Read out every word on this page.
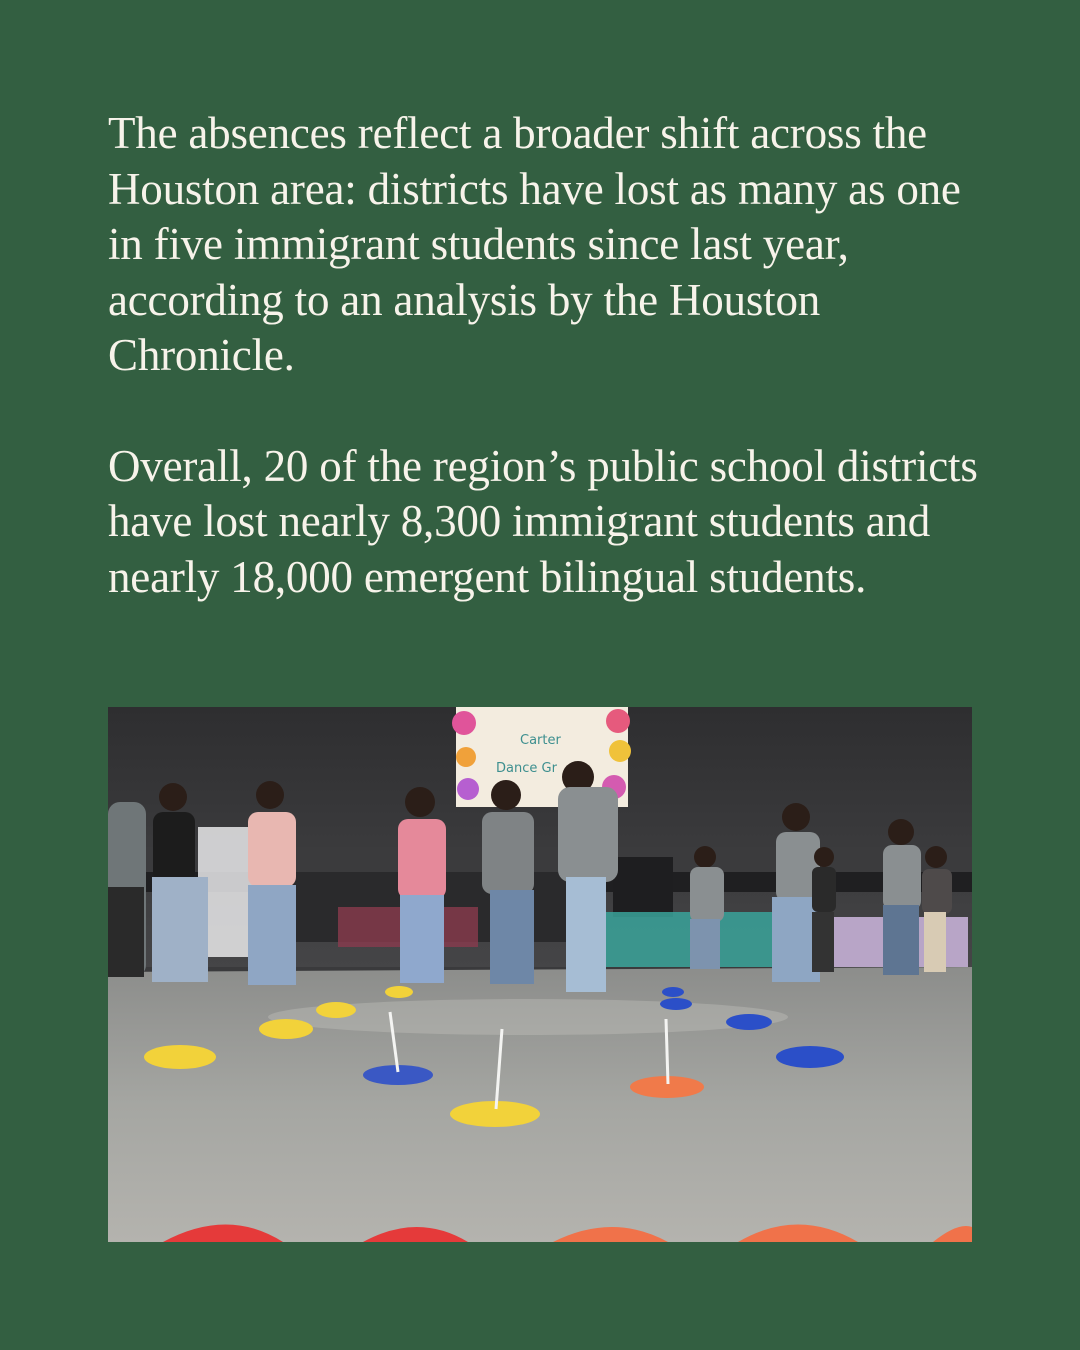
The absences reflect a broader shift across the Houston area: districts have lost as many as one in five immigrant students since last year, according to an analysis by the Houston Chronicle.

Overall, 20 of the region’s public school districts have lost nearly 8,300 immigrant students and nearly 18,000 emergent bilingual students.

Carter
Dance Gr
